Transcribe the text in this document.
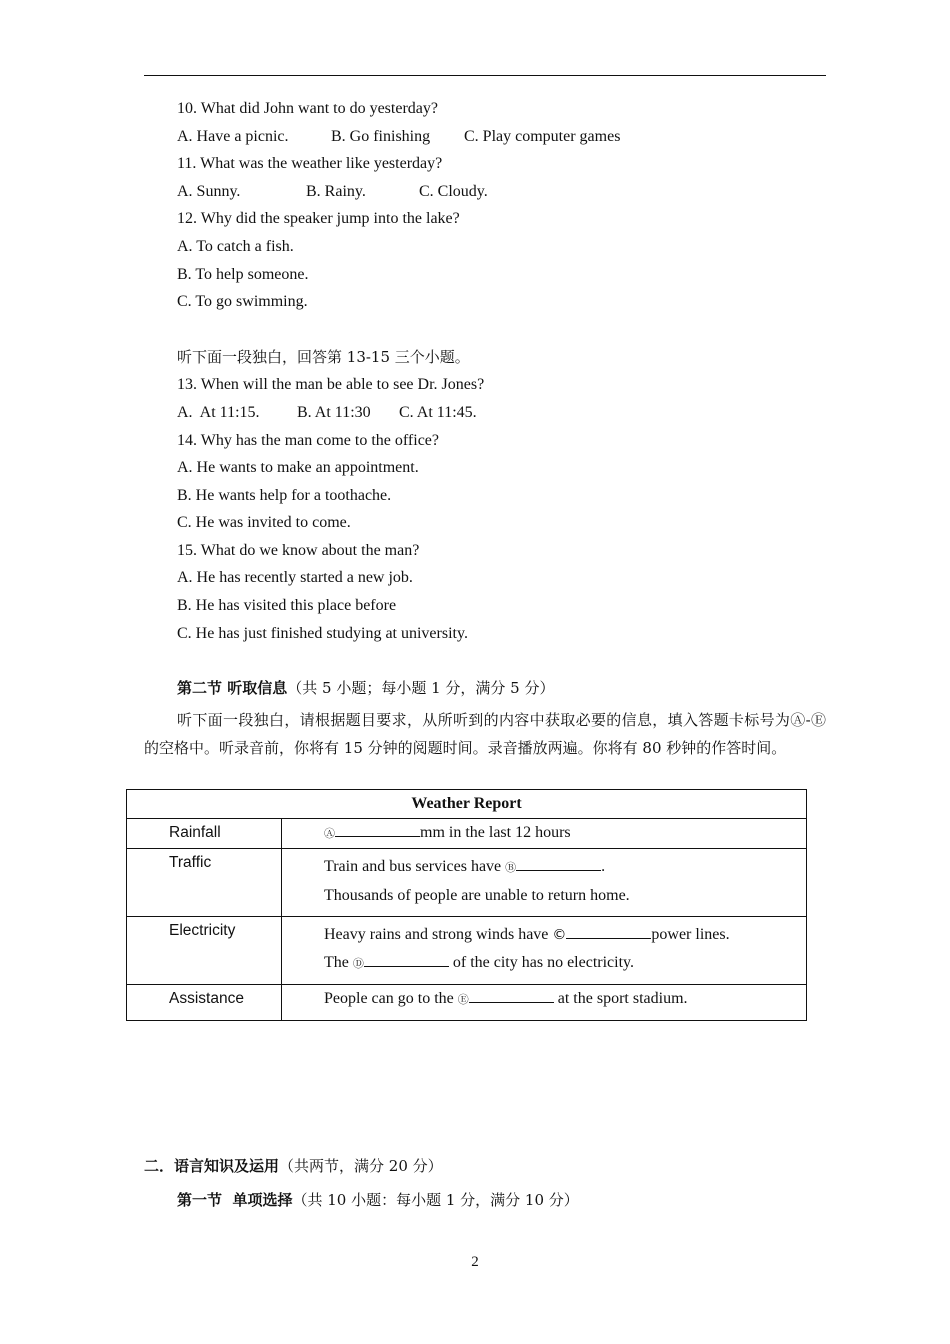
10. What did John want to do yesterday?
A. Have a picnic.	B. Go finishing C. Play computer games
11. What was the weather like yesterday?
A. Sunny.	B. Rainy.	C. Cloudy.
12. Why did the speaker jump into the lake?
A. To catch a fish.
B. To help someone.
C. To go swimming.
听下面一段独白，回答第 13-15 三个小题。
13. When will the man be able to see Dr. Jones?
A.  At 11:15. B. At 11:30 C. At 11:45.
14. Why has the man come to the office?
A. He wants to make an appointment.
B. He wants help for a toothache.
C. He was invited to come.
15. What do we know about the man?
A. He has recently started a new job.
B. He has visited this place before
C. He has just finished studying at university.
第二节 听取信息（共 5 小题；每小题 1 分，满分 5 分）
听下面一段独白，请根据题目要求，从所听到的内容中获取必要的信息，填入答题卡标号为Ⓐ-Ⓔ的空格中。听录音前，你将有 15 分钟的阅题时间。录音播放两遍。你将有 80 秒钟的作答时间。
Weather Report	
Rainfall	Ⓐ mm in the last 12 hours

Traffic	Train and bus services have Ⓑ .
Thousands of people are unable to return home.

Electricity	Heavy rains and strong winds have © power lines.
The Ⓓ of the city has no electricity.

Assistance	People can go to the Ⓔ at the sport stadium.
二．语言知识及运用（共两节，满分 20 分）
第一节  单项选择（共 10 小题：每小题 1 分，满分 10 分）
2
